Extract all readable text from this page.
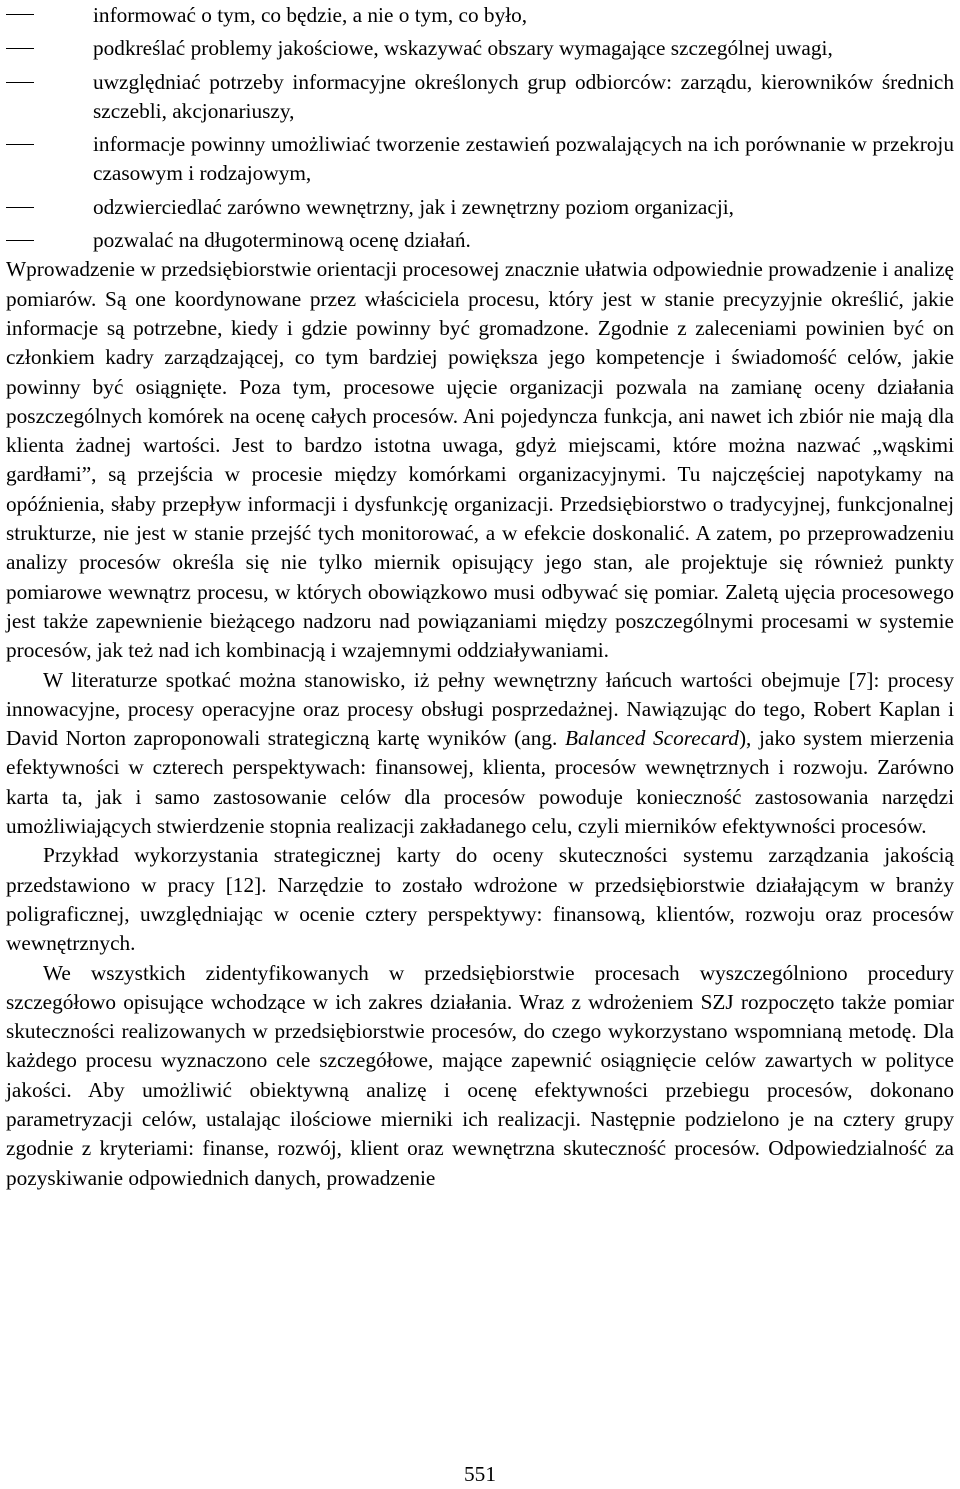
informować o tym, co będzie, a nie o tym, co było,
podkreślać problemy jakościowe, wskazywać obszary wymagające szczególnej uwagi,
uwzględniać potrzeby informacyjne określonych grup odbiorców: zarządu, kierowników średnich szczebli, akcjonariuszy,
informacje powinny umożliwiać tworzenie zestawień pozwalających na ich porównanie w przekroju czasowym i rodzajowym,
odzwierciedlać zarówno wewnętrzny, jak i zewnętrzny poziom organizacji,
pozwalać na długoterminową ocenę działań.

Wprowadzenie w przedsiębiorstwie orientacji procesowej znacznie ułatwia odpowiednie prowadzenie i analizę pomiarów. Są one koordynowane przez właściciela procesu, który jest w stanie precyzyjnie określić, jakie informacje są potrzebne, kiedy i gdzie powinny być gromadzone. Zgodnie z zaleceniami powinien być on członkiem kadry zarządzającej, co tym bardziej powiększa jego kompetencje i świadomość celów, jakie powinny być osiągnięte. Poza tym, procesowe ujęcie organizacji pozwala na zamianę oceny działania poszczególnych komórek na ocenę całych procesów. Ani pojedyncza funkcja, ani nawet ich zbiór nie mają dla klienta żadnej wartości. Jest to bardzo istotna uwaga, gdyż miejscami, które można nazwać „wąskimi gardłami”, są przejścia w procesie między komórkami organizacyjnymi. Tu najczęściej napotykamy na opóźnienia, słaby przepływ informacji i dysfunkcję organizacji. Przedsiębiorstwo o tradycyjnej, funkcjonalnej strukturze, nie jest w stanie przejść tych monitorować, a w efekcie doskonalić. A zatem, po przeprowadzeniu analizy procesów określa się nie tylko miernik opisujący jego stan, ale projektuje się również punkty pomiarowe wewnątrz procesu, w których obowiązkowo musi odbywać się pomiar. Zaletą ujęcia procesowego jest także zapewnienie bieżącego nadzoru nad powiązaniami między poszczególnymi procesami w systemie procesów, jak też nad ich kombinacją i wzajemnymi oddziaływaniami.

W literaturze spotkać można stanowisko, iż pełny wewnętrzny łańcuch wartości obejmuje [7]: procesy innowacyjne, procesy operacyjne oraz procesy obsługi posprzedażnej. Nawiązując do tego, Robert Kaplan i David Norton zaproponowali strategiczną kartę wyników (ang. Balanced Scorecard), jako system mierzenia efektywności w czterech perspektywach: finansowej, klienta, procesów wewnętrznych i rozwoju. Zarówno karta ta, jak i samo zastosowanie celów dla procesów powoduje konieczność zastosowania narzędzi umożliwiających stwierdzenie stopnia realizacji zakładanego celu, czyli mierników efektywności procesów.

Przykład wykorzystania strategicznej karty do oceny skuteczności systemu zarządzania jakością przedstawiono w pracy [12]. Narzędzie to zostało wdrożone w przedsiębiorstwie działającym w branży poligraficznej, uwzględniając w ocenie cztery perspektywy: finansową, klientów, rozwoju oraz procesów wewnętrznych.

We wszystkich zidentyfikowanych w przedsiębiorstwie procesach wyszczególniono procedury szczegółowo opisujące wchodzące w ich zakres działania. Wraz z wdrożeniem SZJ rozpoczęto także pomiar skuteczności realizowanych w przedsiębiorstwie procesów, do czego wykorzystano wspomnianą metodę. Dla każdego procesu wyznaczono cele szczegółowe, mające zapewnić osiągnięcie celów zawartych w polityce jakości. Aby umożliwić obiektywną analizę i ocenę efektywności przebiegu procesów, dokonano parametryzacji celów, ustalając ilościowe mierniki ich realizacji. Następnie podzielono je na cztery grupy zgodnie z kryteriami: finanse, rozwój, klient oraz wewnętrzna skuteczność procesów. Odpowiedzialność za pozyskiwanie odpowiednich danych, prowadzenie

551
